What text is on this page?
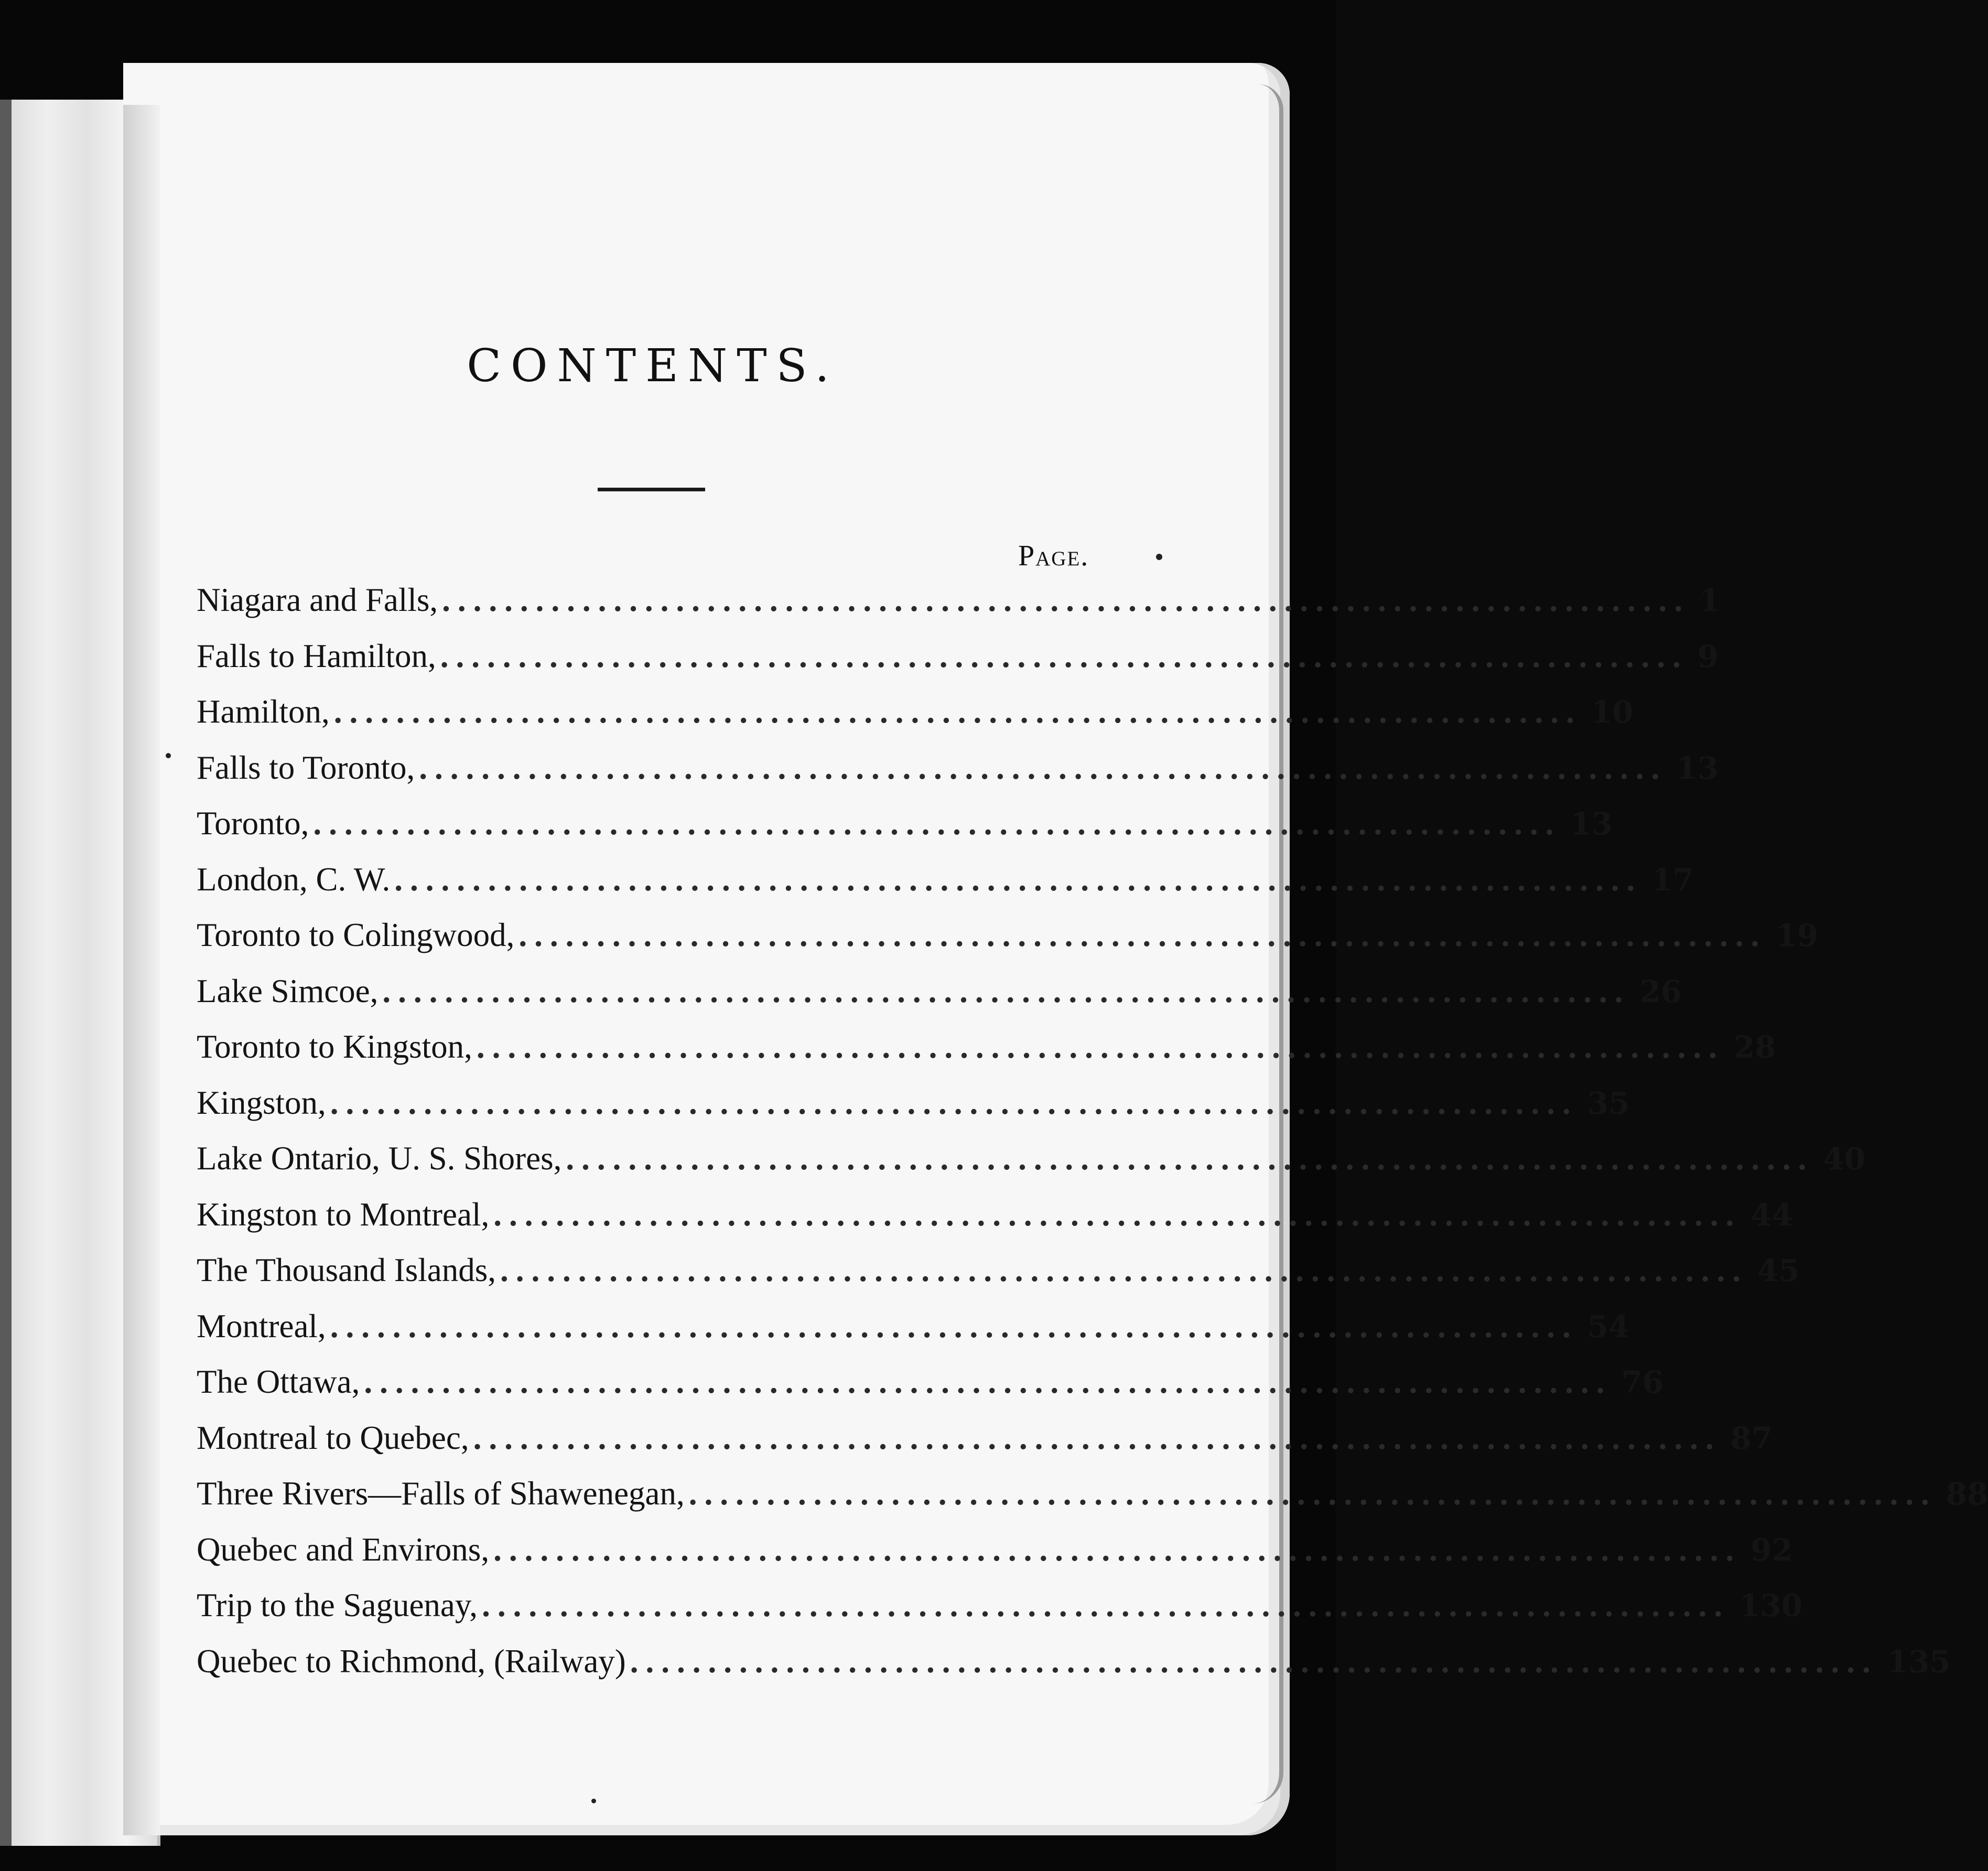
CONTENTS.
Page.
Niagara and Falls, ................................................................................ 1
Falls to Hamilton, ................................................................................ 9
Hamilton, ................................................................................ 10
Falls to Toronto, ................................................................................ 13
Toronto, ................................................................................ 13
London, C. W. ................................................................................ 17
Toronto to Colingwood, ................................................................................ 19
Lake Simcoe, ................................................................................ 26
Toronto to Kingston, ................................................................................ 28
Kingston, ................................................................................ 35
Lake Ontario, U. S. Shores, ................................................................................ 40
Kingston to Montreal, ................................................................................ 44
The Thousand Islands, ................................................................................ 45
Montreal, ................................................................................ 54
The Ottawa, ................................................................................ 76
Montreal to Quebec, ................................................................................ 87
Three Rivers—Falls of Shawenegan, ................................................................................ 88
Quebec and Environs, ................................................................................ 92
Trip to the Saguenay, ................................................................................ 130
Quebec to Richmond, (Railway) ................................................................................ 135
